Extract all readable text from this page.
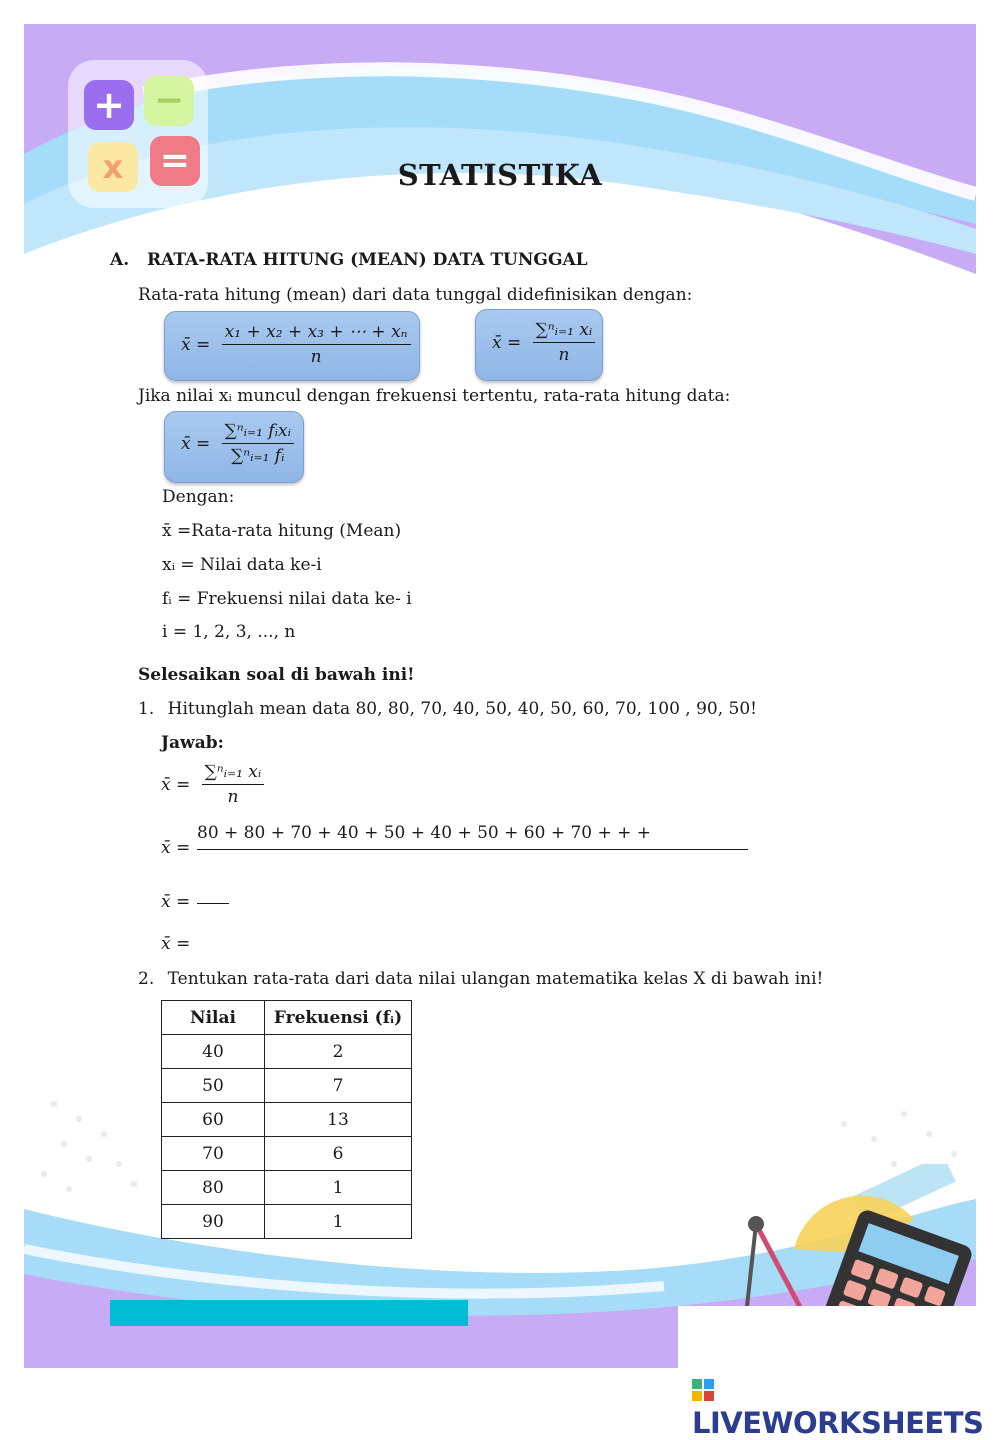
+ −
x	=	STATISTIKA
A. RATA-RATA HITUNG (MEAN) DATA TUNGGAL
Rata-rata hitung (mean) dari data tunggal didefinisikan dengan:
x̄ = $\frac{\text{x₁ + x₂ + x₃ + ⋯ + xₙ}}{n}$	x̄ = $\frac{\text{∑ⁿᵢ₌₁ xᵢ}}{n}$
Jika nilai xᵢ muncul dengan frekuensi tertentu, rata-rata hitung data:
x̄ = $\frac{\text{∑ⁿᵢ₌₁ fᵢxᵢ}}{\text{∑ⁿᵢ₌₁ fᵢ}}$
Dengan:
x̄ =Rata-rata hitung (Mean)
xᵢ = Nilai data ke-i
fᵢ = Frekuensi nilai data ke- i
i = 1, 2, 3, ..., n
Selesaikan soal di bawah ini!
1. Hitunglah mean data 80, 80, 70, 40, 50, 40, 50, 60, 70, 100 , 90, 50!
Jawab:
x̄ = $\frac{\text{∑ⁿᵢ₌₁ xᵢ}}{n}$
x̄ =
80 + 80 + 70 + 40 + 50 + 40 + 50 + 60 + 70 + + +
x̄ =
x̄ =
2. Tentukan rata-rata dari data nilai ulangan matematika kelas X di bawah ini!
Nilai	Frekuensi (fᵢ)
40	2
50	7
60	13
70	6
80	1
90	1
LIVEWORKSHEETS
